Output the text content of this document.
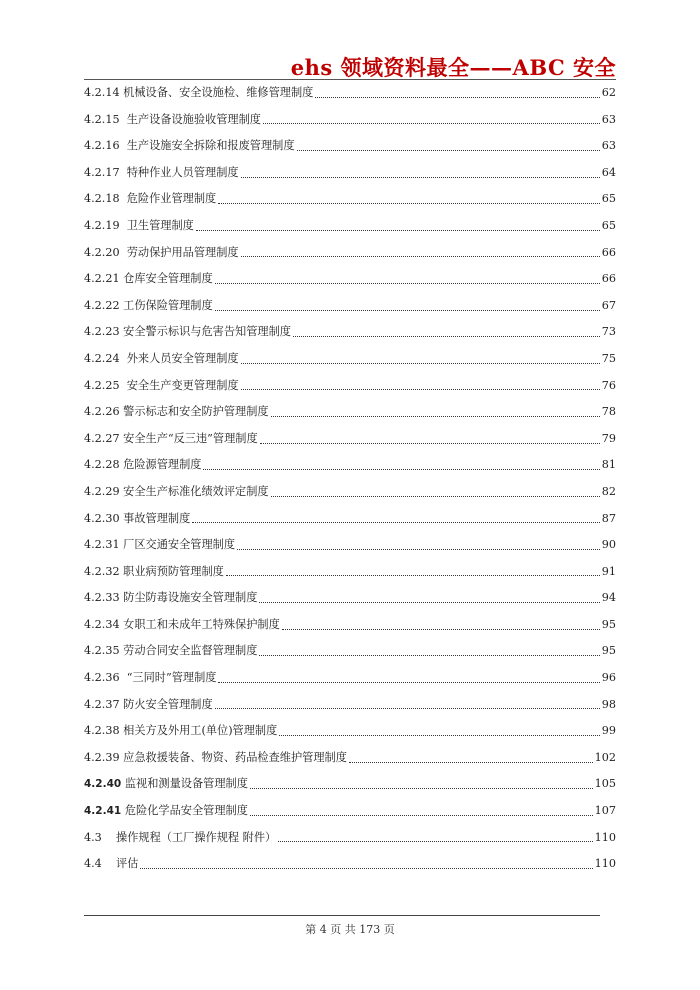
ehs 领域资料最全——ABC 安全
4.2.14 机械设备、安全设施检、维修管理制度	62
4.2.15 生产设备设施验收管理制度	63
4.2.16 生产设施安全拆除和报废管理制度	63
4.2.17 特种作业人员管理制度	64
4.2.18 危险作业管理制度	65
4.2.19 卫生管理制度	65
4.2.20 劳动保护用品管理制度	66
4.2.21 仓库安全管理制度	66
4.2.22 工伤保险管理制度	67
4.2.23 安全警示标识与危害告知管理制度	73
4.2.24 外来人员安全管理制度	75
4.2.25 安全生产变更管理制度	76
4.2.26 警示标志和安全防护管理制度	78
4.2.27 安全生产“反三违”管理制度	79
4.2.28 危险源管理制度	81
4.2.29 安全生产标准化绩效评定制度	82
4.2.30 事故管理制度	87
4.2.31 厂区交通安全管理制度	90
4.2.32 职业病预防管理制度	91
4.2.33 防尘防毒设施安全管理制度	94
4.2.34 女职工和未成年工特殊保护制度	95
4.2.35 劳动合同安全监督管理制度	95
4.2.36 “三同时”管理制度	96
4.2.37 防火安全管理制度	98
4.2.38 相关方及外用工(单位)管理制度	99
4.2.39 应急救援装备、物资、药品检查维护管理制度	102
4.2.40 监视和测量设备管理制度	105
4.2.41 危险化学品安全管理制度	107
4.3 操作规程（工厂操作规程 附件）	110
4.4 评估	110
第 4 页 共 173 页
